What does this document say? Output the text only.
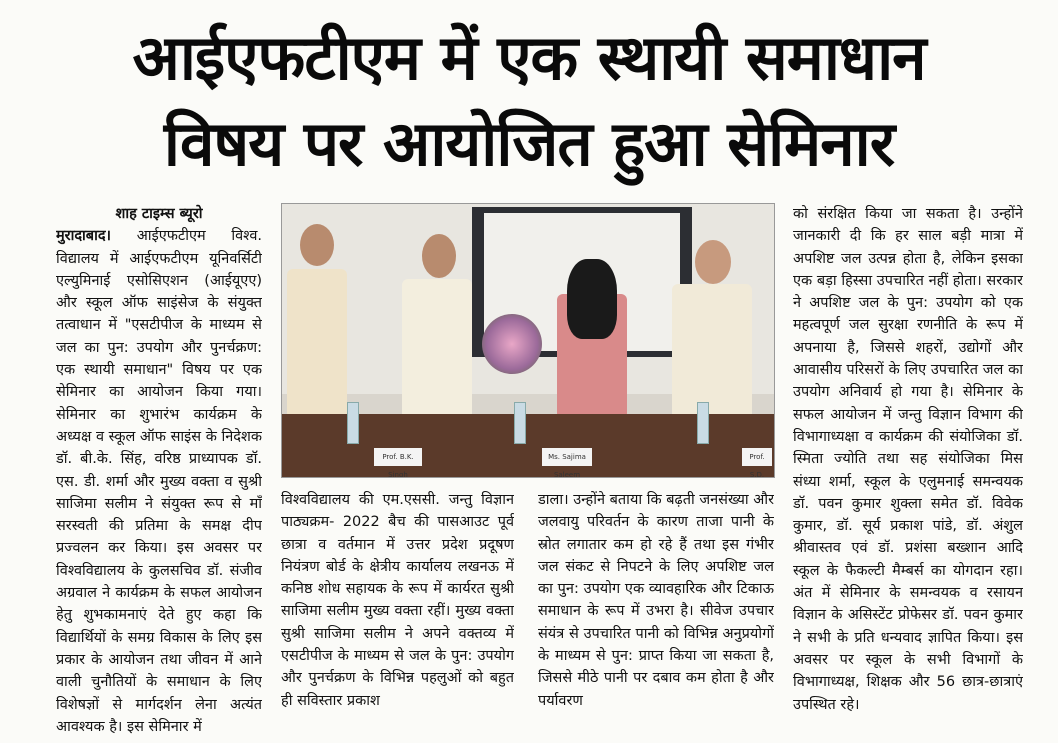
आईएफटीएम में एक स्थायी समाधान
विषय पर आयोजित हुआ सेमिनार

शाह टाइम्स ब्यूरो

मुरादाबाद। आईएफटीएम विश्व. विद्यालय में आईएफटीएम यूनिवर्सिटी एल्युमिनाई एसोसिएशन (आईयूएए) और स्कूल ऑफ साइंसेज के संयुक्त तत्वाधान में "एसटीपीज के माध्यम से जल का पुन: उपयोग और पुनर्चक्रण: एक स्थायी समाधान" विषय पर एक सेमिनार का आयोजन किया गया। सेमिनार का शुभारंभ कार्यक्रम के अध्यक्ष व स्कूल ऑफ साइंस के निदेशक डॉ. बी.के. सिंह, वरिष्ठ प्राध्यापक डॉ. एस. डी. शर्मा और मुख्य वक्ता व सुश्री साजिमा सलीम ने संयुक्त रूप से माँ सरस्वती की प्रतिमा के समक्ष दीप प्रज्वलन कर किया। इस अवसर पर विश्वविद्यालय के कुलसचिव डॉ. संजीव अग्रवाल ने कार्यक्रम के सफल आयोजन हेतु शुभकामनाएं देते हुए कहा कि विद्यार्थियों के समग्र विकास के लिए इस प्रकार के आयोजन तथा जीवन में आने वाली चुनौतियों के समाधान के लिए विशेषज्ञों से मार्गदर्शन लेना अत्यंत आवश्यक है। इस सेमिनार में

Prof. B.K. Singh
Ms. Sajima Saleem
Prof. S.D.

विश्वविद्यालय की एम.एससी. जन्तु विज्ञान पाठ्यक्रम- 2022 बैच की पासआउट पूर्व छात्रा व वर्तमान में उत्तर प्रदेश प्रदूषण नियंत्रण बोर्ड के क्षेत्रीय कार्यालय लखनऊ में कनिष्ठ शोध सहायक के रूप में कार्यरत सुश्री साजिमा सलीम मुख्य वक्ता रहीं। मुख्य वक्ता सुश्री साजिमा सलीम ने अपने वक्तव्य में एसटीपीज के माध्यम से जल के पुन: उपयोग और पुनर्चक्रण के विभिन्न पहलुओं को बहुत ही सविस्तार प्रकाश

डाला। उन्होंने बताया कि बढ़ती जनसंख्या और जलवायु परिवर्तन के कारण ताजा पानी के स्रोत लगातार कम हो रहे हैं तथा इस गंभीर जल संकट से निपटने के लिए अपशिष्ट जल का पुन: उपयोग एक व्यावहारिक और टिकाऊ समाधान के रूप में उभरा है। सीवेज उपचार संयंत्र से उपचारित पानी को विभिन्न अनुप्रयोगों के माध्यम से पुन: प्राप्त किया जा सकता है, जिससे मीठे पानी पर दबाव कम होता है और पर्यावरण

को संरक्षित किया जा सकता है। उन्होंने जानकारी दी कि हर साल बड़ी मात्रा में अपशिष्ट जल उत्पन्न होता है, लेकिन इसका एक बड़ा हिस्सा उपचारित नहीं होता। सरकार ने अपशिष्ट जल के पुन: उपयोग को एक महत्वपूर्ण जल सुरक्षा रणनीति के रूप में अपनाया है, जिससे शहरों, उद्योगों और आवासीय परिसरों के लिए उपचारित जल का उपयोग अनिवार्य हो गया है। सेमिनार के सफल आयोजन में जन्तु विज्ञान विभाग की विभागाध्यक्षा व कार्यक्रम की संयोजिका डॉ. स्मिता ज्योति तथा सह संयोजिका मिस संध्या शर्मा, स्कूल के एलुमनाई समन्वयक डॉ. पवन कुमार शुक्ला समेत डॉ. विवेक कुमार, डॉ. सूर्य प्रकाश पांडे, डॉ. अंशुल श्रीवास्तव एवं डॉ. प्रशंसा बख्शान आदि स्कूल के फैकल्टी मैम्बर्स का योगदान रहा। अंत में सेमिनार के समन्वयक व रसायन विज्ञान के असिस्टेंट प्रोफेसर डॉ. पवन कुमार ने सभी के प्रति धन्यवाद ज्ञापित किया। इस अवसर पर स्कूल के सभी विभागों के विभागाध्यक्ष, शिक्षक और 56 छात्र-छात्राएं उपस्थित रहे।
